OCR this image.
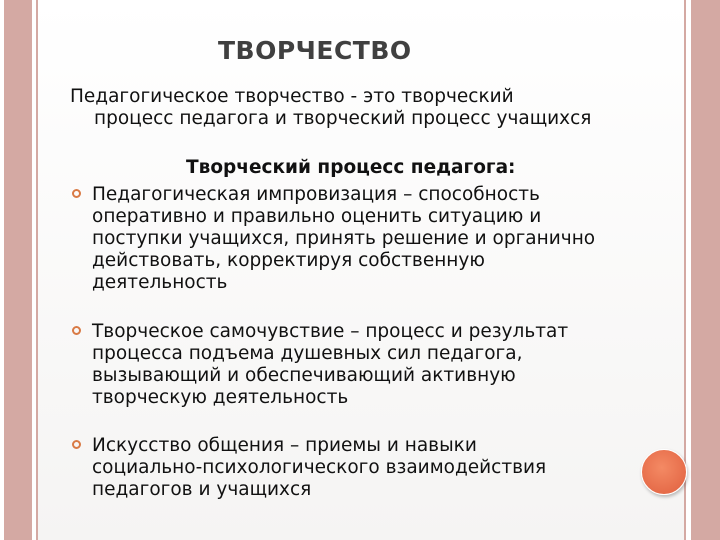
ТВОРЧЕСТВО
Педагогическое творчество - это творческий
процесс педагога и творческий процесс учащихся
Творческий процесс педагога:
Педагогическая импровизация – способность
оперативно и правильно оценить ситуацию и
поступки учащихся, принять решение и органично
действовать, корректируя собственную
деятельность
Творческое самочувствие – процесс и результат
процесса подъема душевных сил педагога,
вызывающий и обеспечивающий активную
творческую деятельность
Искусство общения – приемы и навыки
социально-психологического взаимодействия
педагогов и учащихся
